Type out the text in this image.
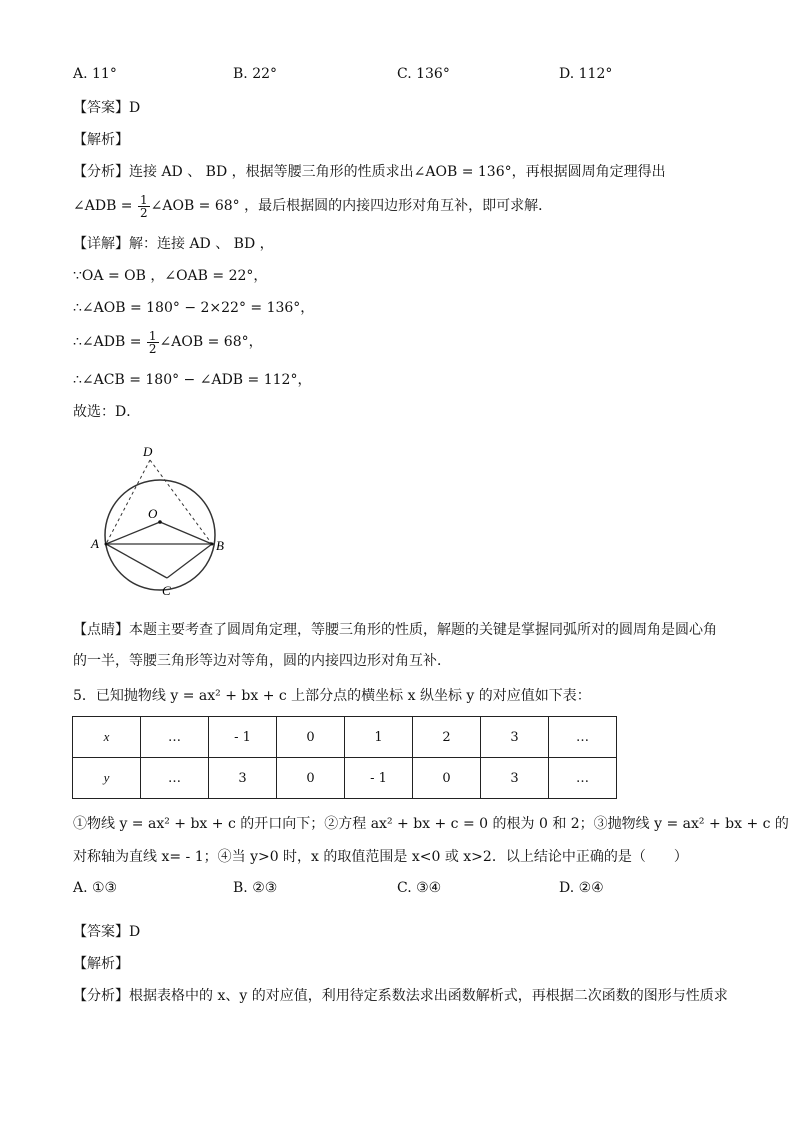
A. 11°	B. 22°	C. 136°	D. 112°
【答案】D
【解析】
【分析】连接 AD 、 BD ，根据等腰三角形的性质求出∠AOB = 136°，再根据圆周角定理得出
∠ADB = $\frac{1}{2}$ ∠AOB = 68° ，最后根据圆的内接四边形对角互补，即可求解．
【详解】解：连接 AD 、 BD ，
∵OA = OB ，∠OAB = 22°，
∴∠AOB = 180° − 2×22° = 136°，
∴∠ADB = $\frac{1}{2}$ ∠AOB = 68°，
∴∠ACB = 180° − ∠ADB = 112°，
故选：D．
D
O
A	B
C
【点睛】本题主要考查了圆周角定理，等腰三角形的性质，解题的关键是掌握同弧所对的圆周角是圆心角
的一半，等腰三角形等边对等角，圆的内接四边形对角互补．
5．已知抛物线 y = ax² + bx + c 上部分点的横坐标 x 纵坐标 y 的对应值如下表：
x	…	- 1	0	1	2	3	…
y	…	3	0	- 1	0	3	…
①物线 y = ax² + bx + c 的开口向下；②方程 ax² + bx + c = 0 的根为 0 和 2；③抛物线 y = ax² + bx + c 的
对称轴为直线 x= - 1；④当 y>0 时，x 的取值范围是 x<0 或 x>2．以上结论中正确的是（　　）
A. ①③	B. ②③	C. ③④	D. ②④
【答案】D
【解析】
【分析】根据表格中的 x、y 的对应值，利用待定系数法求出函数解析式，再根据二次函数的图形与性质求
